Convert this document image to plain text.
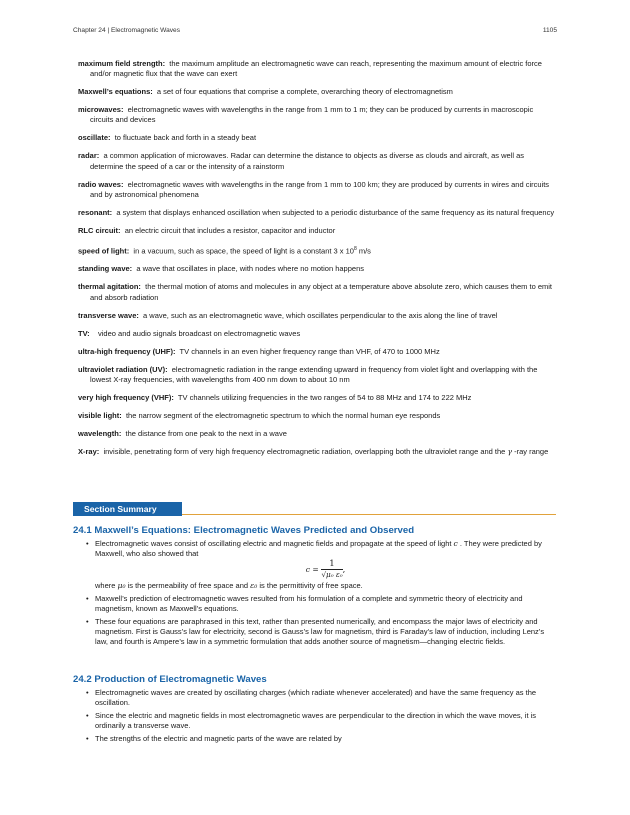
Chapter 24 | Electromagnetic Waves	1105
maximum field strength: the maximum amplitude an electromagnetic wave can reach, representing the maximum amount of electric force and/or magnetic flux that the wave can exert
Maxwell’s equations: a set of four equations that comprise a complete, overarching theory of electromagnetism
microwaves: electromagnetic waves with wavelengths in the range from 1 mm to 1 m; they can be produced by currents in macroscopic circuits and devices
oscillate: to fluctuate back and forth in a steady beat
radar: a common application of microwaves. Radar can determine the distance to objects as diverse as clouds and aircraft, as well as determine the speed of a car or the intensity of a rainstorm
radio waves: electromagnetic waves with wavelengths in the range from 1 mm to 100 km; they are produced by currents in wires and circuits and by astronomical phenomena
resonant: a system that displays enhanced oscillation when subjected to a periodic disturbance of the same frequency as its natural frequency
RLC circuit: an electric circuit that includes a resistor, capacitor and inductor
speed of light: in a vacuum, such as space, the speed of light is a constant 3 x $10^8$ m/s
standing wave: a wave that oscillates in place, with nodes where no motion happens
thermal agitation: the thermal motion of atoms and molecules in any object at a temperature above absolute zero, which causes them to emit and absorb radiation
transverse wave: a wave, such as an electromagnetic wave, which oscillates perpendicular to the axis along the line of travel
TV: video and audio signals broadcast on electromagnetic waves
ultra-high frequency (UHF): TV channels in an even higher frequency range than VHF, of 470 to 1000 MHz
ultraviolet radiation (UV): electromagnetic radiation in the range extending upward in frequency from violet light and overlapping with the lowest X-ray frequencies, with wavelengths from 400 nm down to about 10 nm
very high frequency (VHF): TV channels utilizing frequencies in the two ranges of 54 to 88 MHz and 174 to 222 MHz
visible light: the narrow segment of the electromagnetic spectrum to which the normal human eye responds
wavelength: the distance from one peak to the next in a wave
X-ray: invisible, penetrating form of very high frequency electromagnetic radiation, overlapping both the ultraviolet range and the γ -ray range
Section Summary
24.1 Maxwell’s Equations: Electromagnetic Waves Predicted and Observed
• Electromagnetic waves consist of oscillating electric and magnetic fields and propagate at the speed of light c . They were predicted by Maxwell, who also showed that
$c = \frac{1}{\text{√μ₀ ε₀}}$ ,
where μ₀ is the permeability of free space and ε₀ is the permittivity of free space.
• Maxwell’s prediction of electromagnetic waves resulted from his formulation of a complete and symmetric theory of electricity and magnetism, known as Maxwell’s equations.
• These four equations are paraphrased in this text, rather than presented numerically, and encompass the major laws of electricity and magnetism. First is Gauss’s law for electricity, second is Gauss’s law for magnetism, third is Faraday’s law of induction, including Lenz’s law, and fourth is Ampere’s law in a symmetric formulation that adds another source of magnetism—changing electric fields.
24.2 Production of Electromagnetic Waves
• Electromagnetic waves are created by oscillating charges (which radiate whenever accelerated) and have the same frequency as the oscillation.
• Since the electric and magnetic fields in most electromagnetic waves are perpendicular to the direction in which the wave moves, it is ordinarily a transverse wave.
• The strengths of the electric and magnetic parts of the wave are related by
